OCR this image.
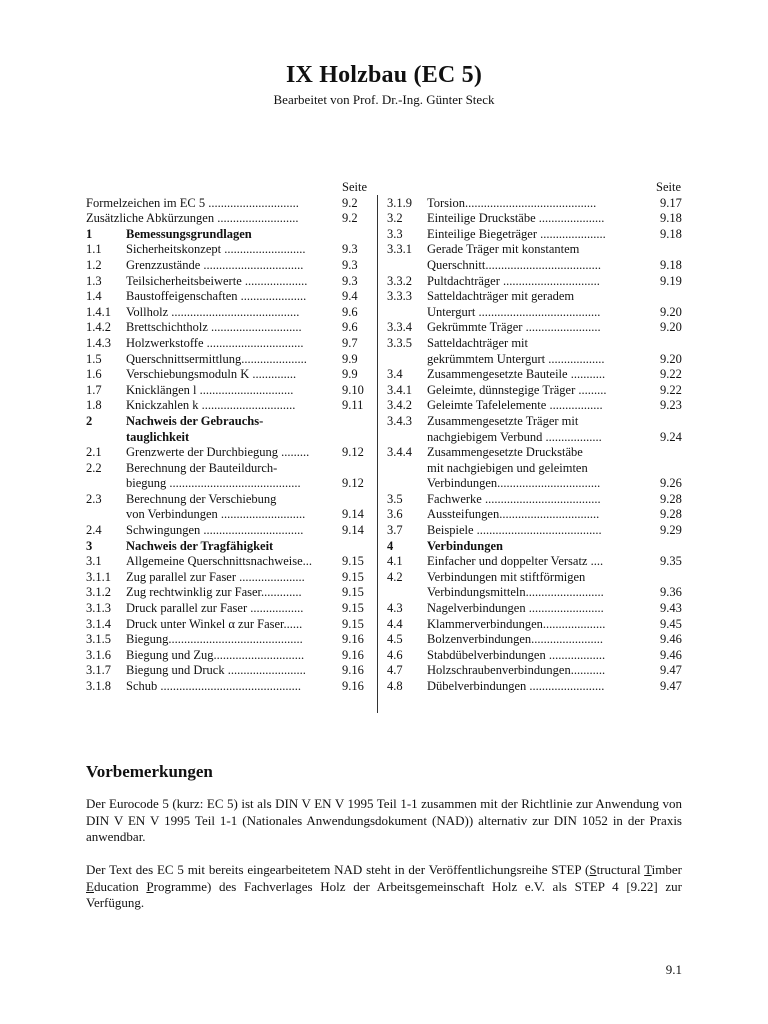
IX Holzbau (EC 5)
Bearbeitet von Prof. Dr.-Ing. Günter Steck
Seite
Formelzeichen im EC 5 .............................	9.2
Zusätzliche Abkürzungen ..........................	9.2
1	Bemessungsgrundlagen
1.1	Sicherheitskonzept ..........................	9.3
1.2	Grenzzustände ................................	9.3
1.3	Teilsicherheitsbeiwerte ....................	9.3
1.4	Baustoffeigenschaften .....................	9.4
1.4.1	Vollholz .........................................	9.6
1.4.2	Brettschichtholz .............................	9.6
1.4.3	Holzwerkstoffe ...............................	9.7
1.5	Querschnittsermittlung.....................	9.9
1.6	Verschiebungsmoduln K ..............	9.9
1.7	Knicklängen l ..............................	9.10
1.8	Knickzahlen k ..............................	9.11
2	Nachweis der Gebrauchs-
tauglichkeit
2.1	Grenzwerte der Durchbiegung .........	9.12
2.2	Berechnung der Bauteildurch-
biegung ..........................................	9.12
2.3	Berechnung der Verschiebung
von Verbindungen ...........................	9.14
2.4	Schwingungen ................................	9.14
3	Nachweis der Tragfähigkeit
3.1	Allgemeine Querschnittsnachweise... 9.15
3.1.1	Zug parallel zur Faser .....................	9.15
3.1.2	Zug rechtwinklig zur Faser.............	9.15
3.1.3	Druck parallel zur Faser .................	9.15
3.1.4	Druck unter Winkel α zur Faser......	9.15
3.1.5	Biegung...........................................	9.16
3.1.6	Biegung und Zug.............................	9.16
3.1.7	Biegung und Druck .........................	9.16
3.1.8	Schub .............................................	9.16
Seite
3.1.9	Torsion..........................................	9.17
3.2	Einteilige Druckstäbe .....................	9.18
3.3	Einteilige Biegeträger .....................	9.18
3.3.1	Gerade Träger mit konstantem
Querschnitt.....................................	9.18
3.3.2	Pultdachträger ...............................	9.19
3.3.3	Satteldachträger mit geradem
Untergurt .......................................	9.20
3.3.4	Gekrümmte Träger ........................	9.20
3.3.5	Satteldachträger mit
gekrümmtem Untergurt ..................	9.20
3.4	Zusammengesetzte Bauteile ...........	9.22
3.4.1	Geleimte, dünnstegige Träger .........	9.22
3.4.2	Geleimte Tafelelemente .................	9.23
3.4.3	Zusammengesetzte Träger mit
nachgiebigem Verbund ..................	9.24
3.4.4	Zusammengesetzte Druckstäbe
mit nachgiebigen und geleimten
Verbindungen.................................	9.26
3.5	Fachwerke .....................................	9.28
3.6	Aussteifungen................................	9.28
3.7	Beispiele ........................................	9.29
4	Verbindungen
4.1	Einfacher und doppelter Versatz ....	9.35
4.2	Verbindungen mit stiftförmigen
Verbindungsmitteln.........................	9.36
4.3	Nagelverbindungen ........................	9.43
4.4	Klammerverbindungen....................	9.45
4.5	Bolzenverbindungen.......................	9.46
4.6	Stabdübelverbindungen ..................	9.46
4.7	Holzschraubenverbindungen...........	9.47
4.8	Dübelverbindungen ........................	9.47
Vorbemerkungen
Der Eurocode 5 (kurz: EC 5) ist als DIN V EN V 1995 Teil 1-1 zusammen mit der Richtlinie zur Anwendung von DIN V EN V 1995 Teil 1-1 (Nationales Anwendungsdokument (NAD)) alternativ zur DIN 1052 in der Praxis anwendbar.
Der Text des EC 5 mit bereits eingearbeitetem NAD steht in der Veröffentlichungsreihe STEP (Structural Timber Education Programme) des Fachverlages Holz der Arbeitsgemeinschaft Holz e.V. als STEP 4 [9.22] zur Verfügung.
9.1
